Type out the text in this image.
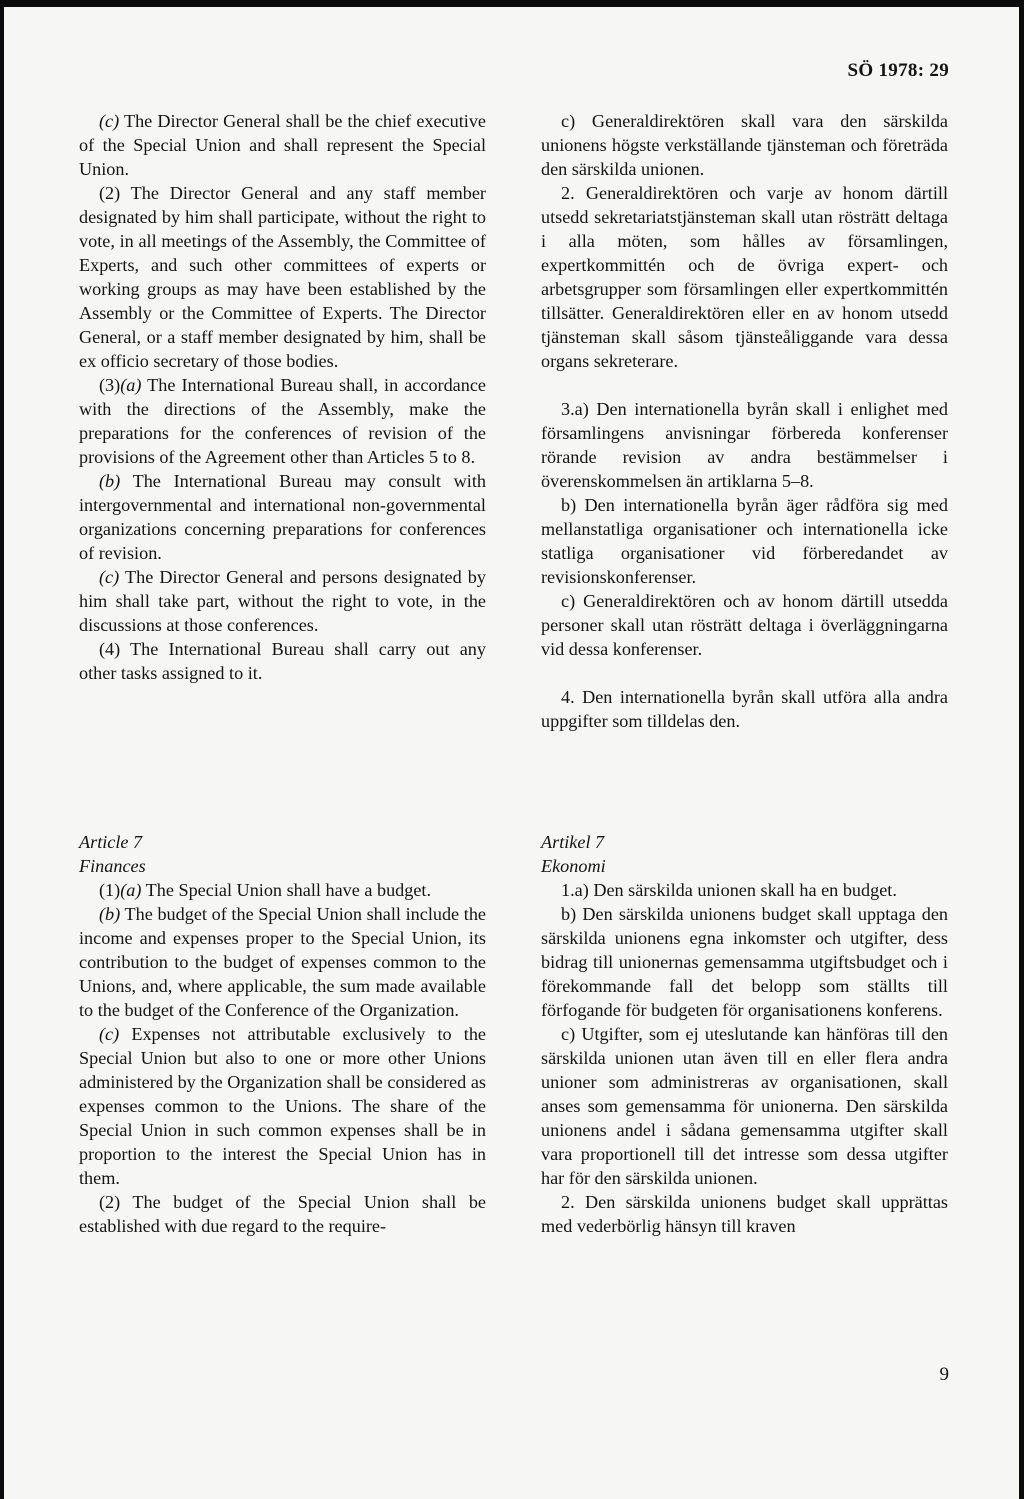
SÖ 1978: 29

(c) The Director General shall be the chief executive of the Special Union and shall represent the Special Union.

(2) The Director General and any staff member designated by him shall participate, without the right to vote, in all meetings of the Assembly, the Committee of Experts, and such other committees of experts or working groups as may have been established by the Assembly or the Committee of Experts. The Director General, or a staff member designated by him, shall be ex officio secretary of those bodies.

(3)(a) The International Bureau shall, in accordance with the directions of the Assembly, make the preparations for the conferences of revision of the provisions of the Agreement other than Articles 5 to 8.

(b) The International Bureau may consult with intergovernmental and international non-governmental organizations concerning preparations for conferences of revision.

(c) The Director General and persons designated by him shall take part, without the right to vote, in the discussions at those conferences.

(4) The International Bureau shall carry out any other tasks assigned to it.

c) Generaldirektören skall vara den särskilda unionens högste verkställande tjänsteman och företräda den särskilda unionen.

2. Generaldirektören och varje av honom därtill utsedd sekretariatstjänsteman skall utan rösträtt deltaga i alla möten, som hålles av församlingen, expertkommittén och de övriga expert- och arbetsgrupper som församlingen eller expertkommittén tillsätter. Generaldirektören eller en av honom utsedd tjänsteman skall såsom tjänsteåliggande vara dessa organs sekreterare.

3.a) Den internationella byrån skall i enlighet med församlingens anvisningar förbereda konferenser rörande revision av andra bestämmelser i överenskommelsen än artiklarna 5–8.

b) Den internationella byrån äger rådföra sig med mellanstatliga organisationer och internationella icke statliga organisationer vid förberedandet av revisionskonferenser.

c) Generaldirektören och av honom därtill utsedda personer skall utan rösträtt deltaga i överläggningarna vid dessa konferenser.

4. Den internationella byrån skall utföra alla andra uppgifter som tilldelas den.

Article 7

Finances

(1)(a) The Special Union shall have a budget.

(b) The budget of the Special Union shall include the income and expenses proper to the Special Union, its contribution to the budget of expenses common to the Unions, and, where applicable, the sum made available to the budget of the Conference of the Organization.

(c) Expenses not attributable exclusively to the Special Union but also to one or more other Unions administered by the Organization shall be considered as expenses common to the Unions. The share of the Special Union in such common expenses shall be in proportion to the interest the Special Union has in them.

(2) The budget of the Special Union shall be established with due regard to the require-

Artikel 7

Ekonomi

1.a) Den särskilda unionen skall ha en budget.

b) Den särskilda unionens budget skall upptaga den särskilda unionens egna inkomster och utgifter, dess bidrag till unionernas gemensamma utgiftsbudget och i förekommande fall det belopp som ställts till förfogande för budgeten för organisationens konferens.

c) Utgifter, som ej uteslutande kan hänföras till den särskilda unionen utan även till en eller flera andra unioner som administreras av organisationen, skall anses som gemensamma för unionerna. Den särskilda unionens andel i sådana gemensamma utgifter skall vara proportionell till det intresse som dessa utgifter har för den särskilda unionen.

2. Den särskilda unionens budget skall upprättas med vederbörlig hänsyn till kraven

9
